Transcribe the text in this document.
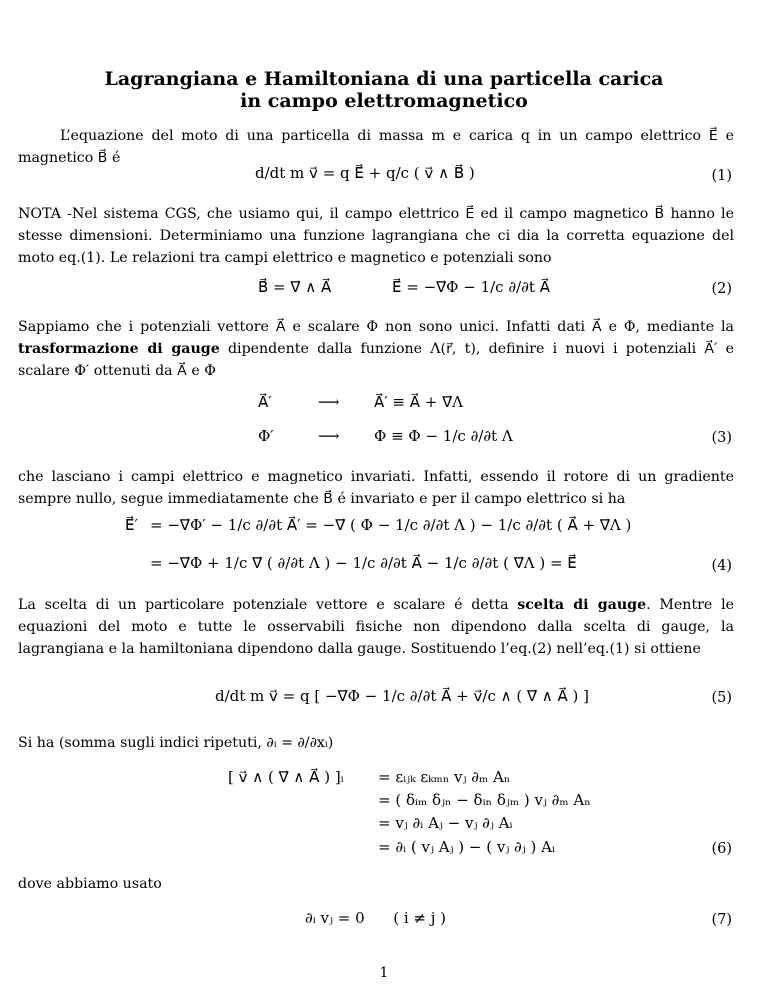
Lagrangiana e Hamiltoniana di una particella carica
in campo elettromagnetico
L’equazione del moto di una particella di massa m e carica q in un campo elettrico E⃗ e magnetico B⃗ é
d/dt m v⃗ = q E⃗ + q/c ( v⃗ ∧ B⃗ )	(1)
NOTA -Nel sistema CGS, che usiamo qui, il campo elettrico E⃗ ed il campo magnetico B⃗ hanno le stesse dimensioni. Determiniamo una funzione lagrangiana che ci dia la corretta equazione del moto eq.(1). Le relazioni tra campi elettrico e magnetico e potenziali sono
B⃗ = ∇⃗ ∧ A⃗	E⃗ = −∇⃗Φ − 1/c ∂/∂t A⃗	(2)
Sappiamo che i potenziali vettore A⃗ e scalare Φ non sono unici. Infatti dati A⃗ e Φ, mediante la trasformazione di gauge dipendente dalla funzione Λ(r⃗, t), definire i nuovi i potenziali A⃗′ e scalare Φ′ ottenuti da A⃗ e Φ
A⃗′	⟶ A⃗′ ≡ A⃗ + ∇⃗Λ
Φ′	⟶ Φ ≡ Φ − 1/c ∂/∂t Λ	(3)
che lasciano i campi elettrico e magnetico invariati. Infatti, essendo il rotore di un gradiente sempre nullo, segue immediatamente che B⃗ é invariato e per il campo elettrico si ha
E⃗′ = −∇⃗Φ′ − 1/c ∂/∂t A⃗′ = −∇⃗ ( Φ − 1/c ∂/∂t Λ ) − 1/c ∂/∂t ( A⃗ + ∇⃗Λ )
= −∇⃗Φ + 1/c ∇⃗ ( ∂/∂t Λ ) − 1/c ∂/∂t A⃗ − 1/c ∂/∂t ( ∇⃗Λ ) = E⃗	(4)
La scelta di un particolare potenziale vettore e scalare é detta scelta di gauge. Mentre le equazioni del moto e tutte le osservabili fisiche non dipendono dalla scelta di gauge, la lagrangiana e la hamiltoniana dipendono dalla gauge. Sostituendo l’eq.(2) nell’eq.(1) si ottiene
d/dt m v⃗ = q [ −∇⃗Φ − 1/c ∂/∂t A⃗ + v⃗/c ∧ ( ∇⃗ ∧ A⃗ ) ]	(5)
Si ha (somma sugli indici ripetuti, ∂ᵢ = ∂/∂xᵢ)
[ v⃗ ∧ ( ∇⃗ ∧ A⃗ ) ]ᵢ = εᵢⱼₖ εₖₘₙ vⱼ ∂ₘ Aₙ
= ( δᵢₘ δⱼₙ − δᵢₙ δⱼₘ ) vⱼ ∂ₘ Aₙ
= vⱼ ∂ᵢ Aⱼ − vⱼ ∂ⱼ Aᵢ
= ∂ᵢ ( vⱼ Aⱼ ) − ( vⱼ ∂ⱼ ) Aᵢ	(6)
dove abbiamo usato
∂ᵢ vⱼ = 0      ( i ≠ j )	(7)
1
